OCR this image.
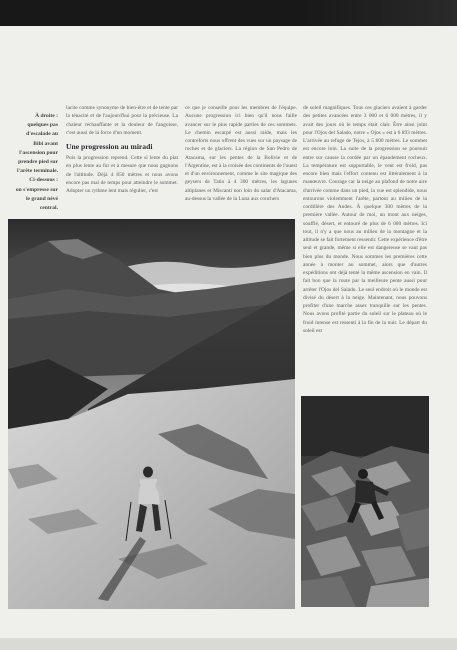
À droite :
quelques pas
d'escalade au
Bibi avant
l'ascension pour
prendre pied sur
l'arête terminale.
Ci-dessous :
on s'empresse sur
le grand névé
central.

lacite comme synonyme de bien-être et de tente par la ténacité et de l'aujourd'hui pour la précieuse. La chaleur réchauffante et la douleur de l'angoisse, c'est aussi de la force d'un moment.

Une progression au miradi

Puis la progression reprend. Cette si lente du plat en plus lente au fur et à mesure que nous gagnons de l'altitude. Déjà 4 850 mètres et nous avons encore pas mal de temps pour atteindre le sommet. Adopter un rythme lent mais régulier, c'est

ce que je conseille pour les membres de l'équipe. Aucune progression ici bien qu'il nous faille avancer sur le plus rapide parties de ces sommets. Le chemin escarpé est aussi raide, mais les contreforts nous offrent des vues sur un paysage de roches et de glaciers. La région de San Pedro de Atacama, sur les pentes de la Bolivie et de l'Argentine, est à la croisée des continents de l'ouest et d'un environnement, comme le site magique des geysers de Tatio à 4 300 mètres, les lagunes altiplanes et Miscanti non loin du salar d'Atacama, au-dessus la vallée de la Luna aux couchers

de soleil magnifiques. Tous ces glaciers avaient à garder des petites avancées entre 3 000 et 6 000 mètres, il y avait des jours où le temps était clair. Être ainsi joint pour l'Ojos del Salado, notre « Ojos » est à 6 893 mètres. L'arrivée au refuge de Tejos, à 5 800 mètres. Le sommet est encore loin. La suite de la progression se poursuit entre sur causse la cordée par un épandement rocheux. La température est supportable, le vent est froid, pas encore bien mais l'effort contenu est littéralement à la manœuvre. Courage car la neige au plafond de notre aire d'arrivée comme dans un pied, la vue est splendide, nous entourons violemment l'arête, partout au milieu de la cordillère des Andes. À quelque 300 mètres de la première vallée. Autour de moi, un mont aux neiges, soufflé, désert, et entouré de plus de 6 000 mètres. Ici tout, il n'y a que nous au milieu de la montagne et la altitude se fait fortement ressentir. Cette expérience d'être seul et grande, même si elle est dangereuse se vaut pas bien plus du monde. Nous sommes les premières cette année à monter au sommet, alors que d'autres expéditions ont déjà tenté la même ascension en vain. Il fait bon que la route par la meilleure pente aussi pour arrêter l'Ojos del Salado. Le seul endroit où le monde est divisé du désert à la neige. Maintenant, nous pouvons profiter d'une marche assez tranquille sur les pentes. Nous avons profité partie du soleil sur le plateau où le froid intense est ressenti à la fin de la nuit. Le départ du soleil est
